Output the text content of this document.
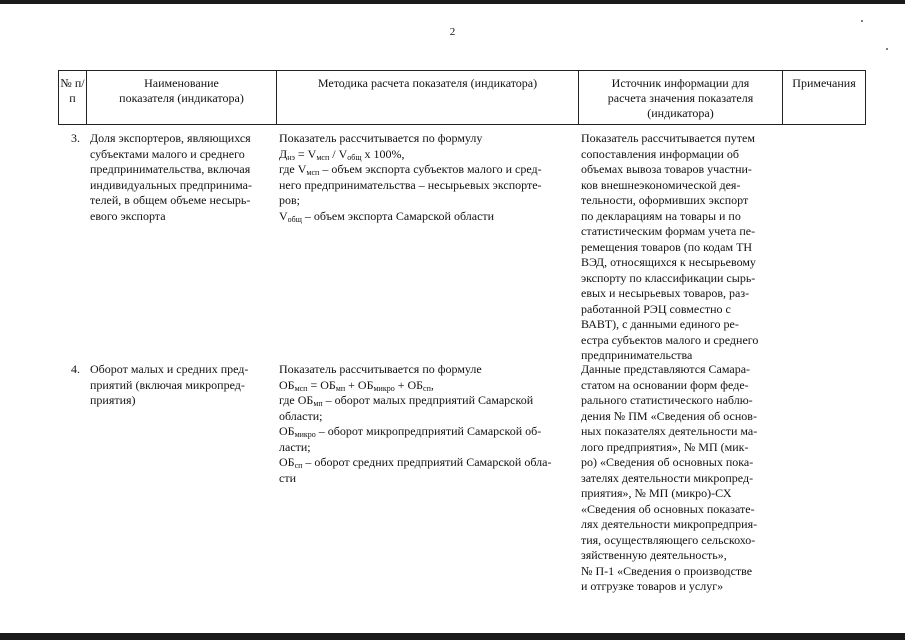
2
№ п/п
Наименование показателя (индикатора)
Методика расчета показателя (индикатора)	Источник информации для расчета значения показателя (индикатора)
Примечания
3. Доля экспортеров, являющихся
субъектами малого и среднего
предпринимательства, включая
индивидуальных предпринима-
телей, в общем объеме несырь-
евого экспорта
Показатель рассчитывается по формулу
$Д_{нэ} = V_{мсп} / V_{общ}$ x 100%,
где $V_{мсп}$ – объем экспорта субъектов малого и сред-
него предпринимательства – несырьевых экспорте-
ров;
$V_{общ}$ – объем экспорта Самарской области
Показатель рассчитывается путем
сопоставления информации об
объемах вывоза товаров участни-
ков внешнеэкономической дея-
тельности, оформивших экспорт
по декларациям на товары и по
статистическим формам учета пе-
ремещения товаров (по кодам ТН
ВЭД, относящихся к несырьевому
экспорту по классификации сырь-
евых и несырьевых товаров, раз-
работанной РЭЦ совместно с
ВАВТ), с данными единого ре-
естра субъектов малого и среднего
предпринимательства
4. Оборот малых и средних пред-
приятий (включая микропред-
приятия)
Показатель рассчитывается по формуле
$ОБ_{мсп} = ОБ_{мп} + ОБ_{микро} + ОБ_{сп}$,
где $ОБ_{мп}$ – оборот малых предприятий Самарской
области;
$ОБ_{микро}$ – оборот микропредприятий Самарской об-
ласти;
$ОБ_{сп}$ – оборот средних предприятий Самарской обла-
сти
Данные представляются Самара-
статом на основании форм феде-
рального статистического наблю-
дения № ПМ «Сведения об основ-
ных показателях деятельности ма-
лого предприятия», № МП (мик-
ро) «Сведения об основных пока-
зателях деятельности микропред-
приятия», № МП (микро)-СХ
«Сведения об основных показате-
лях деятельности микропредприя-
тия, осуществляющего сельскохо-
зяйственную деятельность»,
№ П-1 «Сведения о производстве
и отгрузке товаров и услуг»
